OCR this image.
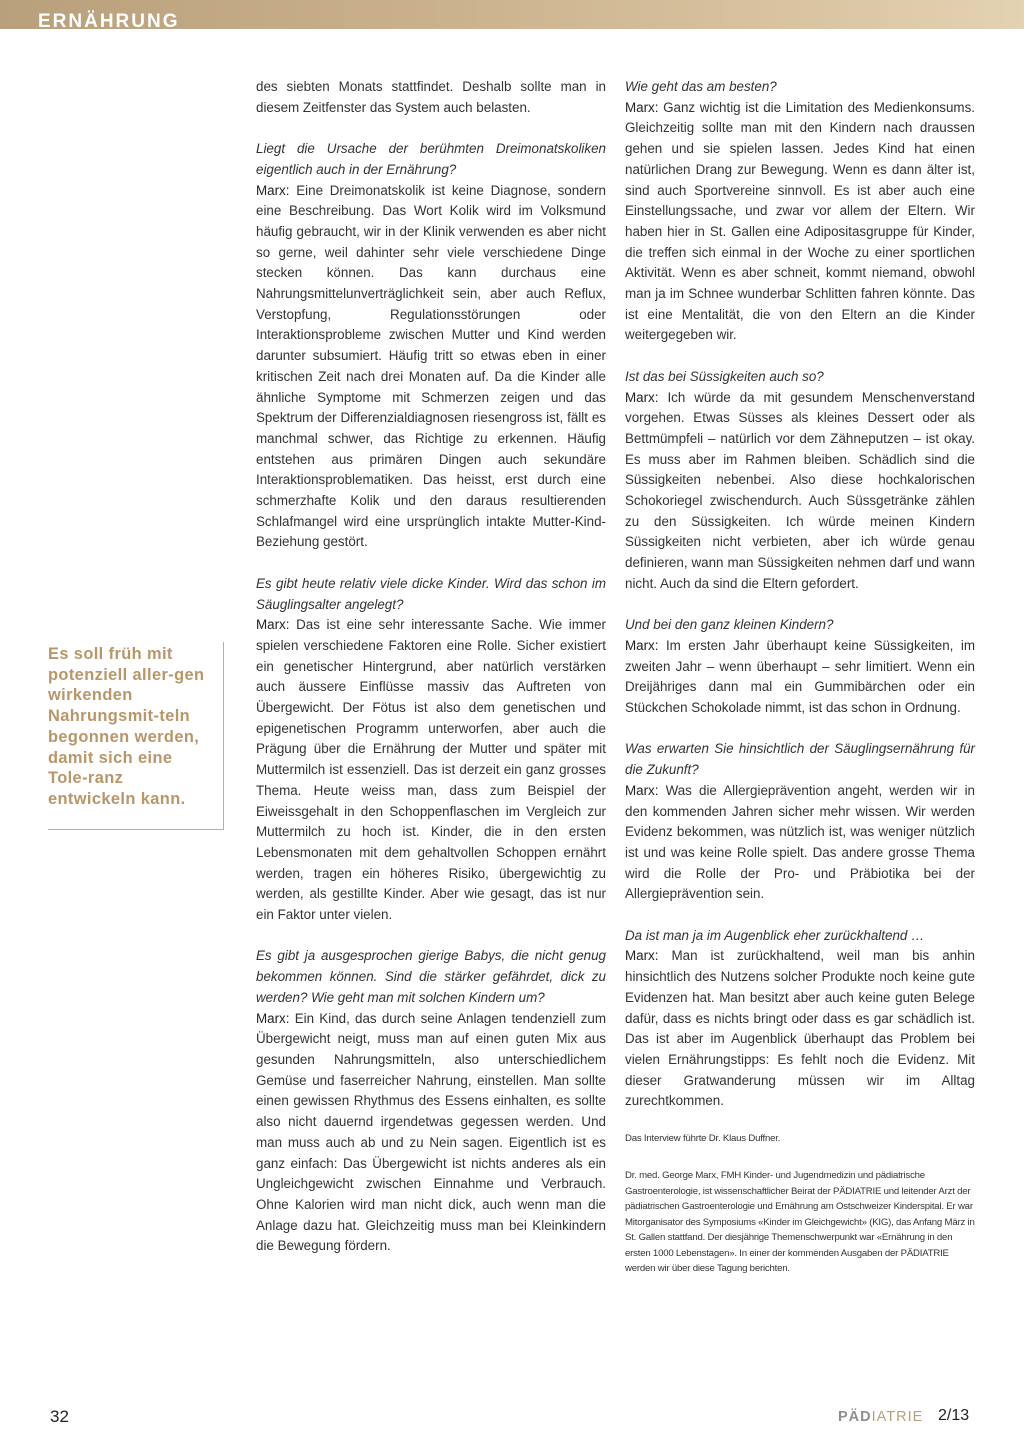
ERNÄHRUNG
Es soll früh mit potenziell aller-gen wirkenden Nahrungsmit-teln begonnen werden, damit sich eine Tole-ranz entwickeln kann.

des siebten Monats stattfindet. Deshalb sollte man in diesem Zeitfenster das System auch belasten.

Liegt die Ursache der berühmten Dreimonatskoliken eigentlich auch in der Ernährung?

Marx: Eine Dreimonatskolik ist keine Diagnose, sondern eine Beschreibung. Das Wort Kolik wird im Volksmund häufig gebraucht, wir in der Klinik verwenden es aber nicht so gerne, weil dahinter sehr viele verschiedene Dinge stecken können. Das kann durchaus eine Nahrungsmittelunverträglichkeit sein, aber auch Reflux, Verstopfung, Regulationsstörungen oder Interaktionsprobleme zwischen Mutter und Kind werden darunter subsumiert. Häufig tritt so etwas eben in einer kritischen Zeit nach drei Monaten auf. Da die Kinder alle ähnliche Symptome mit Schmerzen zeigen und das Spektrum der Differenzialdiagnosen riesengross ist, fällt es manchmal schwer, das Richtige zu erkennen. Häufig entstehen aus primären Dingen auch sekundäre Interaktionsproblematiken. Das heisst, erst durch eine schmerzhafte Kolik und den daraus resultierenden Schlafmangel wird eine ursprünglich intakte Mutter-Kind-Beziehung gestört.

Es gibt heute relativ viele dicke Kinder. Wird das schon im Säuglingsalter angelegt?

Marx: Das ist eine sehr interessante Sache. Wie immer spielen verschiedene Faktoren eine Rolle. Sicher existiert ein genetischer Hintergrund, aber natürlich verstärken auch äussere Einflüsse massiv das Auftreten von Übergewicht. Der Fötus ist also dem genetischen und epigenetischen Programm unterworfen, aber auch die Prägung über die Ernährung der Mutter und später mit Muttermilch ist essenziell. Das ist derzeit ein ganz grosses Thema. Heute weiss man, dass zum Beispiel der Eiweissgehalt in den Schoppenflaschen im Vergleich zur Muttermilch zu hoch ist. Kinder, die in den ersten Lebensmonaten mit dem gehaltvollen Schoppen ernährt werden, tragen ein höheres Risiko, übergewichtig zu werden, als gestillte Kinder. Aber wie gesagt, das ist nur ein Faktor unter vielen.

Es gibt ja ausgesprochen gierige Babys, die nicht genug bekommen können. Sind die stärker gefährdet, dick zu werden? Wie geht man mit solchen Kindern um?

Marx: Ein Kind, das durch seine Anlagen tendenziell zum Übergewicht neigt, muss man auf einen guten Mix aus gesunden Nahrungsmitteln, also unterschiedlichem Gemüse und faserreicher Nahrung, einstellen. Man sollte einen gewissen Rhythmus des Essens einhalten, es sollte also nicht dauernd irgendetwas gegessen werden. Und man muss auch ab und zu Nein sagen. Eigentlich ist es ganz einfach: Das Übergewicht ist nichts anderes als ein Ungleichgewicht zwischen Einnahme und Verbrauch. Ohne Kalorien wird man nicht dick, auch wenn man die Anlage dazu hat. Gleichzeitig muss man bei Kleinkindern die Bewegung fördern.

Wie geht das am besten?

Marx: Ganz wichtig ist die Limitation des Medienkonsums. Gleichzeitig sollte man mit den Kindern nach draussen gehen und sie spielen lassen. Jedes Kind hat einen natürlichen Drang zur Bewegung. Wenn es dann älter ist, sind auch Sportvereine sinnvoll. Es ist aber auch eine Einstellungssache, und zwar vor allem der Eltern. Wir haben hier in St. Gallen eine Adipositasgruppe für Kinder, die treffen sich einmal in der Woche zu einer sportlichen Aktivität. Wenn es aber schneit, kommt niemand, obwohl man ja im Schnee wunderbar Schlitten fahren könnte. Das ist eine Mentalität, die von den Eltern an die Kinder weitergegeben wir.

Ist das bei Süssigkeiten auch so?

Marx: Ich würde da mit gesundem Menschenverstand vorgehen. Etwas Süsses als kleines Dessert oder als Bettmümpfeli – natürlich vor dem Zähneputzen – ist okay. Es muss aber im Rahmen bleiben. Schädlich sind die Süssigkeiten nebenbei. Also diese hochkalorischen Schokoriegel zwischendurch. Auch Süssgetränke zählen zu den Süssigkeiten. Ich würde meinen Kindern Süssigkeiten nicht verbieten, aber ich würde genau definieren, wann man Süssigkeiten nehmen darf und wann nicht. Auch da sind die Eltern gefordert.

Und bei den ganz kleinen Kindern?

Marx: Im ersten Jahr überhaupt keine Süssigkeiten, im zweiten Jahr – wenn überhaupt – sehr limitiert. Wenn ein Dreijähriges dann mal ein Gummibärchen oder ein Stückchen Schokolade nimmt, ist das schon in Ordnung.

Was erwarten Sie hinsichtlich der Säuglingsernährung für die Zukunft?

Marx: Was die Allergieprävention angeht, werden wir in den kommenden Jahren sicher mehr wissen. Wir werden Evidenz bekommen, was nützlich ist, was weniger nützlich ist und was keine Rolle spielt. Das andere grosse Thema wird die Rolle der Pro- und Präbiotika bei der Allergieprävention sein.

Da ist man ja im Augenblick eher zurückhaltend …

Marx: Man ist zurückhaltend, weil man bis anhin hinsichtlich des Nutzens solcher Produkte noch keine gute Evidenzen hat. Man besitzt aber auch keine guten Belege dafür, dass es nichts bringt oder dass es gar schädlich ist. Das ist aber im Augenblick überhaupt das Problem bei vielen Ernährungstipps: Es fehlt noch die Evidenz. Mit dieser Gratwanderung müssen wir im Alltag zurechtkommen.

Das Interview führte Dr. Klaus Duffner.

Dr. med. George Marx, FMH Kinder- und Jugendmedizin und pädiatrische Gastroenterologie, ist wissenschaftlicher Beirat der PÄDIATRIE und leitender Arzt der pädiatrischen Gastroenterologie und Ernährung am Ostschweizer Kinderspital. Er war Mitorganisator des Symposiums «Kinder im Gleichgewicht» (KIG), das Anfang März in St. Gallen stattfand. Der diesjährige Themenschwerpunkt war «Ernährung in den ersten 1000 Lebenstagen». In einer der kommenden Ausgaben der PÄDIATRIE werden wir über diese Tagung berichten.

32	PÄDIATRIE 2/13
